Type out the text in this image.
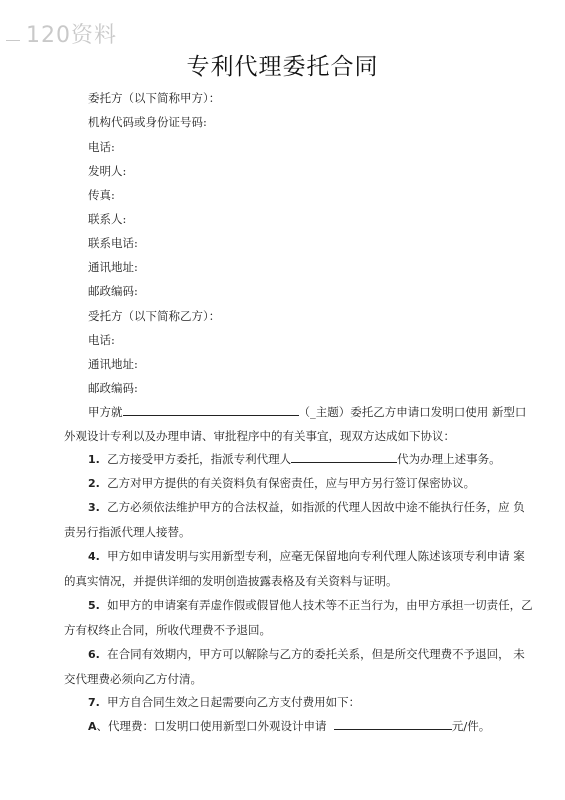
120资料
专利代理委托合同
委托方（以下简称甲方）：
机构代码或身份证号码:
电话:
发明人:
传真:
联系人:
联系电话:
通讯地址:
邮政编码:
受托方（以下简称乙方）：
电话:
通讯地址:
邮政编码:
甲方就	（_主题）委托乙方申请口发明口使用 新型口
外观设计专利以及办理申请、审批程序中的有关事宜，现双方达成如下协议：
1. 乙方接受甲方委托，指派专利代理人	代为办理上述事务。
2. 乙方对甲方提供的有关资料负有保密责任，应与甲方另行签订保密协议。
3. 乙方必须依法维护甲方的合法权益，如指派的代理人因故中途不能执行任务，应 负
责另行指派代理人接替。
4. 甲方如申请发明与实用新型专利，应毫无保留地向专利代理人陈述该项专利申请 案
的真实情况，并提供详细的发明创造披露表格及有关资料与证明。
5. 如甲方的申请案有弄虚作假或假冒他人技术等不正当行为，由甲方承担一切责任，乙
方有权终止合同，所收代理费不予退回。
6. 在合同有效期内，甲方可以解除与乙方的委托关系，但是所交代理费不予退回， 未
交代理费必须向乙方付清。
7. 甲方自合同生效之日起需要向乙方支付费用如下：
A、代理费：口发明口使用新型口外观设计申请	元/件。
